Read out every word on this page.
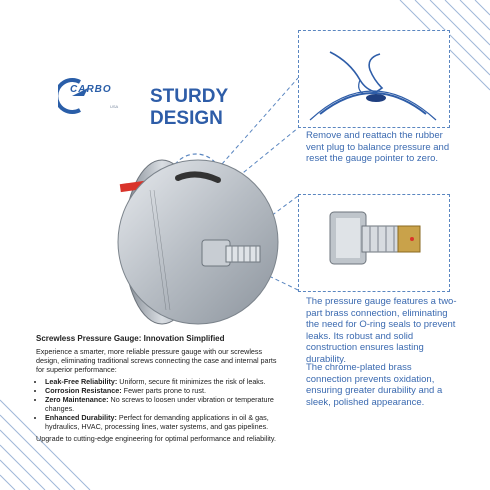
CARBO
USA STURDY
DESIGN
Remove and reattach the rubber vent plug to balance pressure and reset the gauge pointer to zero.
The pressure gauge features a two-part brass connection, eliminating the need for O-ring seals to prevent leaks. Its robust and solid construction ensures lasting durability.
The chrome-plated brass connection prevents oxidation, ensuring greater durability and a sleek, polished appearance.
Screwless Pressure Gauge: Innovation Simplified

Experience a smarter, more reliable pressure gauge with our screwless design, eliminating traditional screws connecting the case and internal parts for superior performance:

• Leak-Free Reliability: Uniform, secure fit minimizes the risk of leaks.
• Corrosion Resistance: Fewer parts prone to rust.
• Zero Maintenance: No screws to loosen under vibration or temperature changes.
• Enhanced Durability: Perfect for demanding applications in oil & gas, hydraulics, HVAC, processing lines, water systems, and gas pipelines.

Upgrade to cutting-edge engineering for optimal performance and reliability.
